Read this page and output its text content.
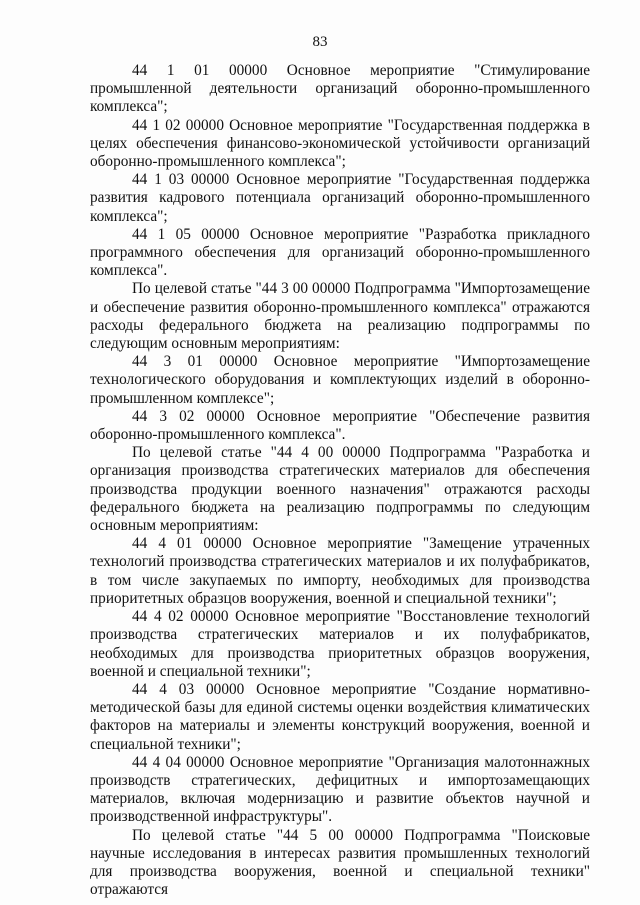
83

44 1 01 00000 Основное мероприятие "Стимулирование промышленной деятельности организаций оборонно-промышленного комплекса";

44 1 02 00000 Основное мероприятие "Государственная поддержка в целях обеспечения финансово-экономической устойчивости организаций оборонно-промышленного комплекса";

44 1 03 00000 Основное мероприятие "Государственная поддержка развития кадрового потенциала организаций оборонно-промышленного комплекса";

44 1 05 00000 Основное мероприятие "Разработка прикладного программного обеспечения для организаций оборонно-промышленного комплекса".

По целевой статье "44 3 00 00000 Подпрограмма "Импортозамещение и обеспечение развития оборонно-промышленного комплекса" отражаются расходы федерального бюджета на реализацию подпрограммы по следующим основным мероприятиям:

44 3 01 00000 Основное мероприятие "Импортозамещение технологического оборудования и комплектующих изделий в оборонно-промышленном комплексе";

44 3 02 00000 Основное мероприятие "Обеспечение развития оборонно-промышленного комплекса".

По целевой статье "44 4 00 00000 Подпрограмма "Разработка и организация производства стратегических материалов для обеспечения производства продукции военного назначения" отражаются расходы федерального бюджета на реализацию подпрограммы по следующим основным мероприятиям:

44 4 01 00000 Основное мероприятие "Замещение утраченных технологий производства стратегических материалов и их полуфабрикатов, в том числе закупаемых по импорту, необходимых для производства приоритетных образцов вооружения, военной и специальной техники";

44 4 02 00000 Основное мероприятие "Восстановление технологий производства стратегических материалов и их полуфабрикатов, необходимых для производства приоритетных образцов вооружения, военной и специальной техники";

44 4 03 00000 Основное мероприятие "Создание нормативно-методической базы для единой системы оценки воздействия климатических факторов на материалы и элементы конструкций вооружения, военной и специальной техники";

44 4 04 00000 Основное мероприятие "Организация малотоннажных производств стратегических, дефицитных и импортозамещающих материалов, включая модернизацию и развитие объектов научной и производственной инфраструктуры".

По целевой статье "44 5 00 00000 Подпрограмма "Поисковые научные исследования в интересах развития промышленных технологий для производства вооружения, военной и специальной техники" отражаются
